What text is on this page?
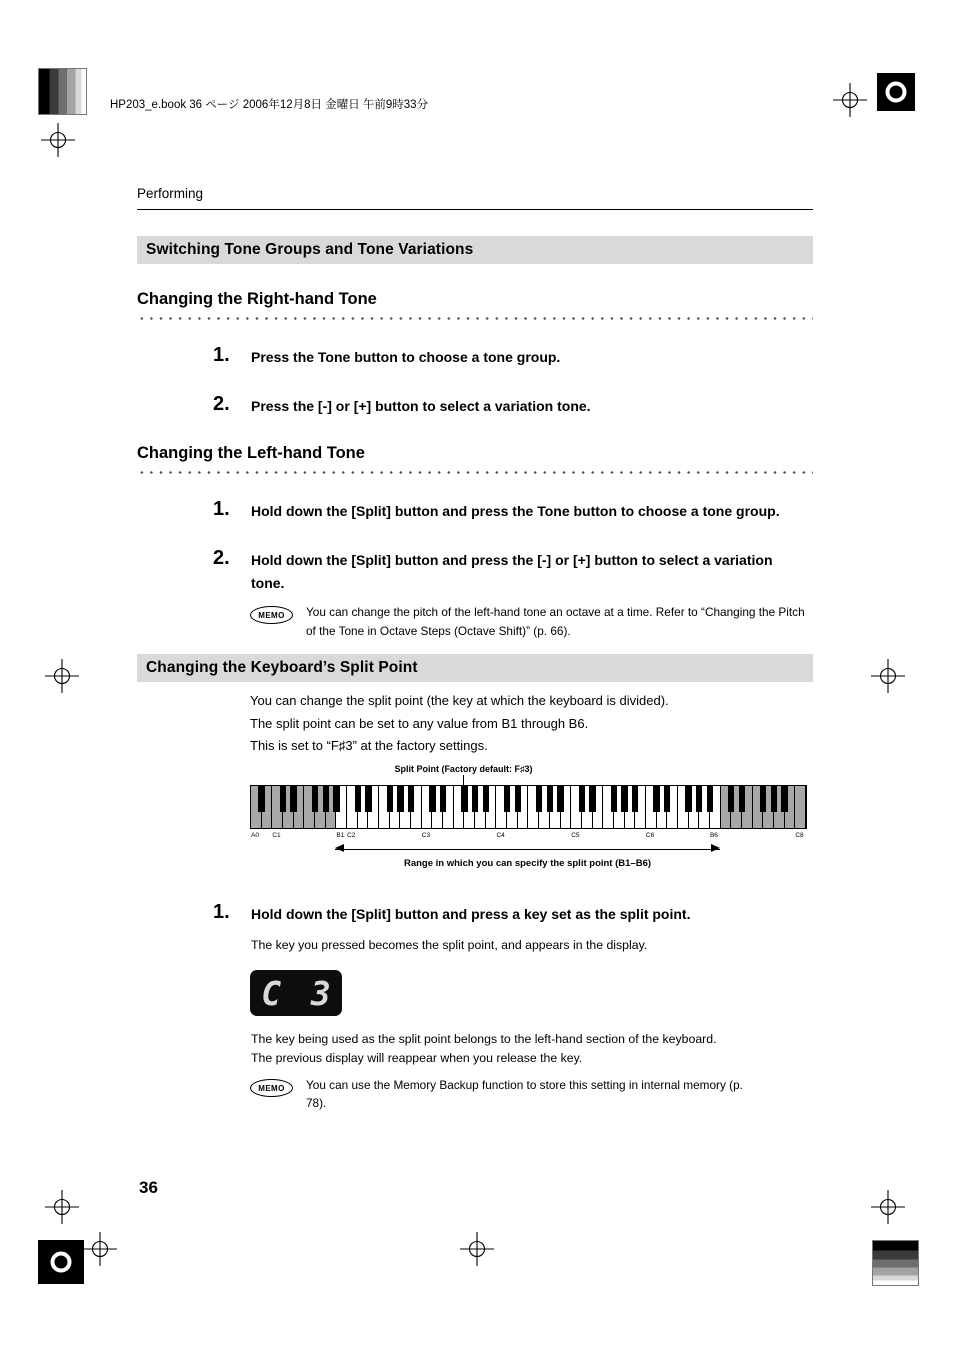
HP203_e.book 36 ページ 2006年12月8日 金曜日 午前9時33分
Performing
Switching Tone Groups and Tone Variations
Changing the Right-hand Tone
1.	Press the Tone button to choose a tone group.
2.	Press the [-] or [+] button to select a variation tone.
Changing the Left-hand Tone
1.	Hold down the [Split] button and press the Tone button to choose a tone group.
2.	Hold down the [Split] button and press the [-] or [+] button to select a variation tone.
MEMO	You can change the pitch of the left-hand tone an octave at a time. Refer to “Changing the Pitch of the Tone in Octave Steps (Octave Shift)” (p. 66).
Changing the Keyboard’s Split Point
You can change the split point (the key at which the keyboard is divided).
The split point can be set to any value from B1 through B6.
This is set to “F♯3” at the factory settings.
Split Point (Factory default: F♯3)
A0 C1	B1 C2	C3	C4	C5	C6	B6	C8
Range in which you can specify the split point (B1–B6)
1.	Hold down the [Split] button and press a key set as the split point.
The key you pressed becomes the split point, and appears in the display.
C 3
The key being used as the split point belongs to the left-hand section of the keyboard.
The previous display will reappear when you release the key.
MEMO	You can use the Memory Backup function to store this setting in internal memory (p. 78).
36
